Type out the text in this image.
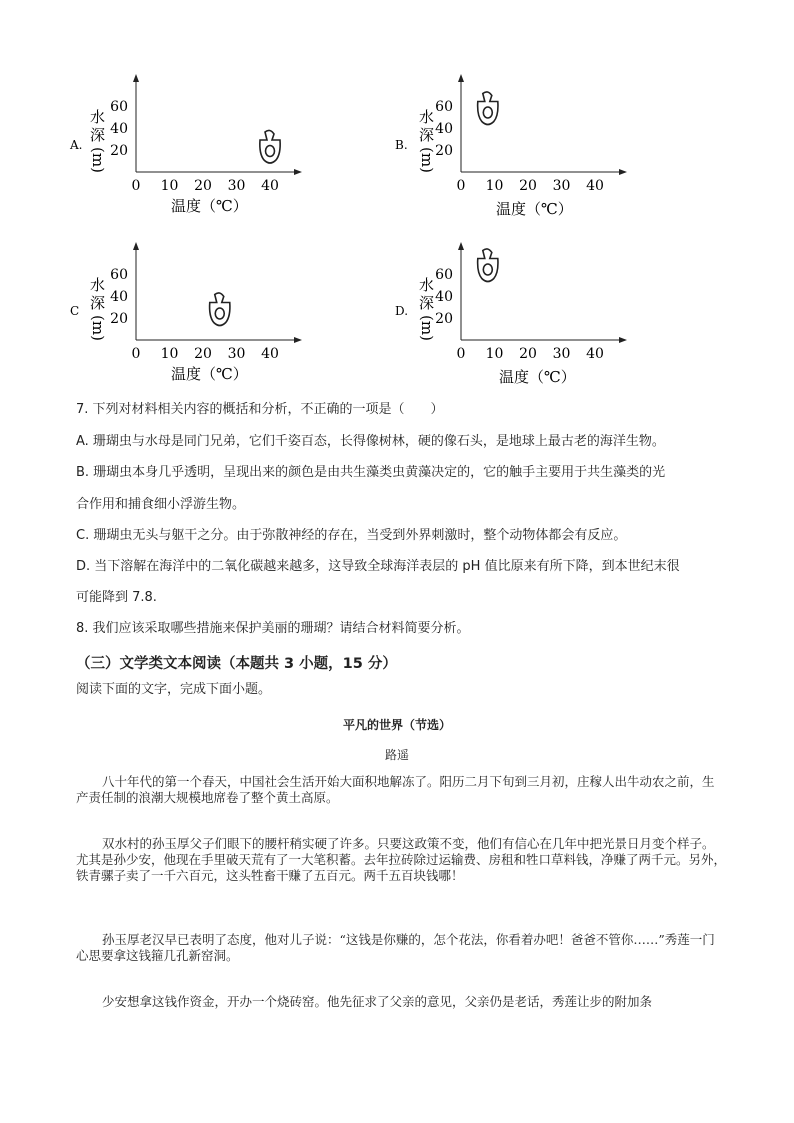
A.
水
深
(m) 20
40
60
0 10 20 30 40
温度（℃）
B.
水
深
(m) 20
40
60
0 10 20 30 40
温度（℃）
C
水
深
(m) 20
40
60
0 10 20 30 40
温度（℃）
D.
水
深
(m) 20
40
60
0 10 20 30 40
温度（℃）
7. 下列对材料相关内容的概括和分析，不正确的一项是（　　）
A. 珊瑚虫与水母是同门兄弟，它们千姿百态，长得像树林，硬的像石头，是地球上最古老的海洋生物。
B. 珊瑚虫本身几乎透明，呈现出来的颜色是由共生藻类虫黄藻决定的，它的触手主要用于共生藻类的光
合作用和捕食细小浮游生物。
C. 珊瑚虫无头与躯干之分。由于弥散神经的存在，当受到外界刺激时，整个动物体都会有反应。
D. 当下溶解在海洋中的二氧化碳越来越多，这导致全球海洋表层的 pH 值比原来有所下降，到本世纪末很
可能降到 7.8.
8. 我们应该采取哪些措施来保护美丽的珊瑚？请结合材料简要分析。
（三）文学类文本阅读（本题共 3 小题，15 分）
阅读下面的文字，完成下面小题。
平凡的世界（节选）
路遥
八十年代的第一个春天，中国社会生活开始大面积地解冻了。阳历二月下旬到三月初，庄稼人出牛动农之前，生产责任制的浪潮大规模地席卷了整个黄土高原。
双水村的孙玉厚父子们眼下的腰杆稍实硬了许多。只要这政策不变，他们有信心在几年中把光景日月变个样子。尤其是孙少安，他现在手里破天荒有了一大笔积蓄。去年拉砖除过运输费、房租和牲口草料钱，净赚了两千元。另外，铁青骡子卖了一千六百元，这头牲畜干赚了五百元。两千五百块钱哪！
孙玉厚老汉早已表明了态度，他对儿子说：“这钱是你赚的，怎个花法，你看着办吧！爸爸不管你……”秀莲一门心思要拿这钱箍几孔新窑洞。
少安想拿这钱作资金，开办一个烧砖窑。他先征求了父亲的意见，父亲仍是老话，秀莲让步的附加条
